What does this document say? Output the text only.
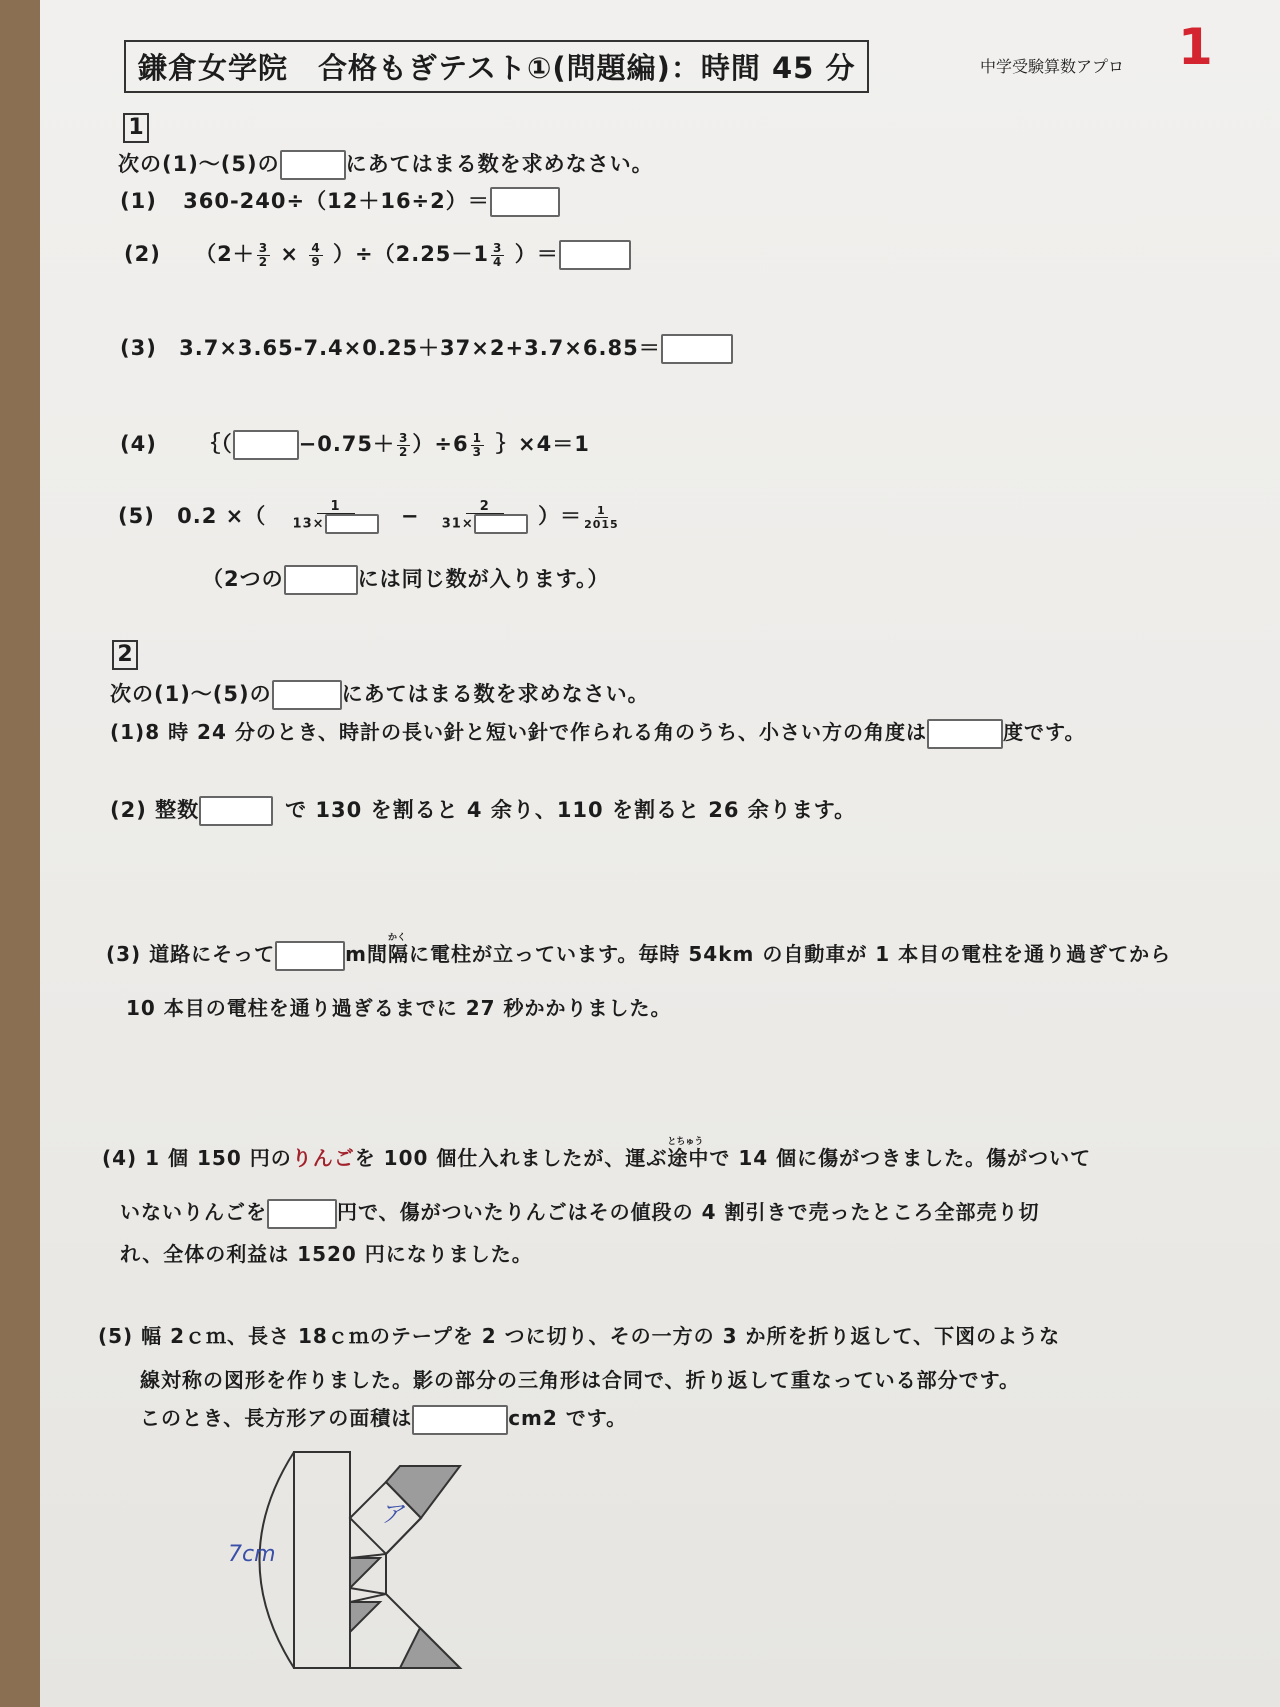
鎌倉女学院　合格もぎテスト①(問題編)：時間 45 分	中学受験算数アプロ 1
1
次の(1)～(5)の	にあてはまる数を求めなさい。
(1) 360-240÷（12＋16÷2）＝
(2) $(2+ \frac{3}{2} \times \frac{4}{9} )\div(2.25-1 \frac{3}{4}$ ）＝
(3) 3.7×3.65-7.4×0.25＋37×2+3.7×6.85＝
(4) ｛（	$-0.75+ \frac{3}{2} )\div 6 \frac{1}{3}$ ｝×4＝1
(5) 0.2 ×（ $\frac{1}{13\times} - \frac{2}{31\times}$ ）＝ $\frac{1}{2015}$
（2つの	には同じ数が入ります。）
2
次の(1)～(5)の	にあてはまる数を求めなさい。
(1)8 時 24 分のとき、時計の長い針と短い針で作られる角のうち、小さい方の角度は	度です。
(2) 整数	で 130 を割ると 4 余り、110 を割ると 26 余ります。
(3) 道路にそって	m間
かく
隔に電柱が立っています。毎時 54km の自動車が 1 本目の電柱を通り過ぎてから
10 本目の電柱を通り過ぎるまでに 27 秒かかりました。
(4) 1 個 150 円のりんごを 100 個仕入れましたが、運ぶ
とちゅう
途中で 14 個に傷がつきました。傷がついて
いないりんごを	円で、傷がついたりんごはその値段の 4 割引きで売ったところ全部売り切
れ、全体の利益は 1520 円になりました。
(5) 幅 2ｃｍ、長さ 18ｃｍのテープを 2 つに切り、その一方の 3 か所を折り返して、下図のような
線対称の図形を作りました。影の部分の三角形は合同で、折り返して重なっている部分です。
このとき、長方形アの面積は	cm2 です。
7cm
ア
